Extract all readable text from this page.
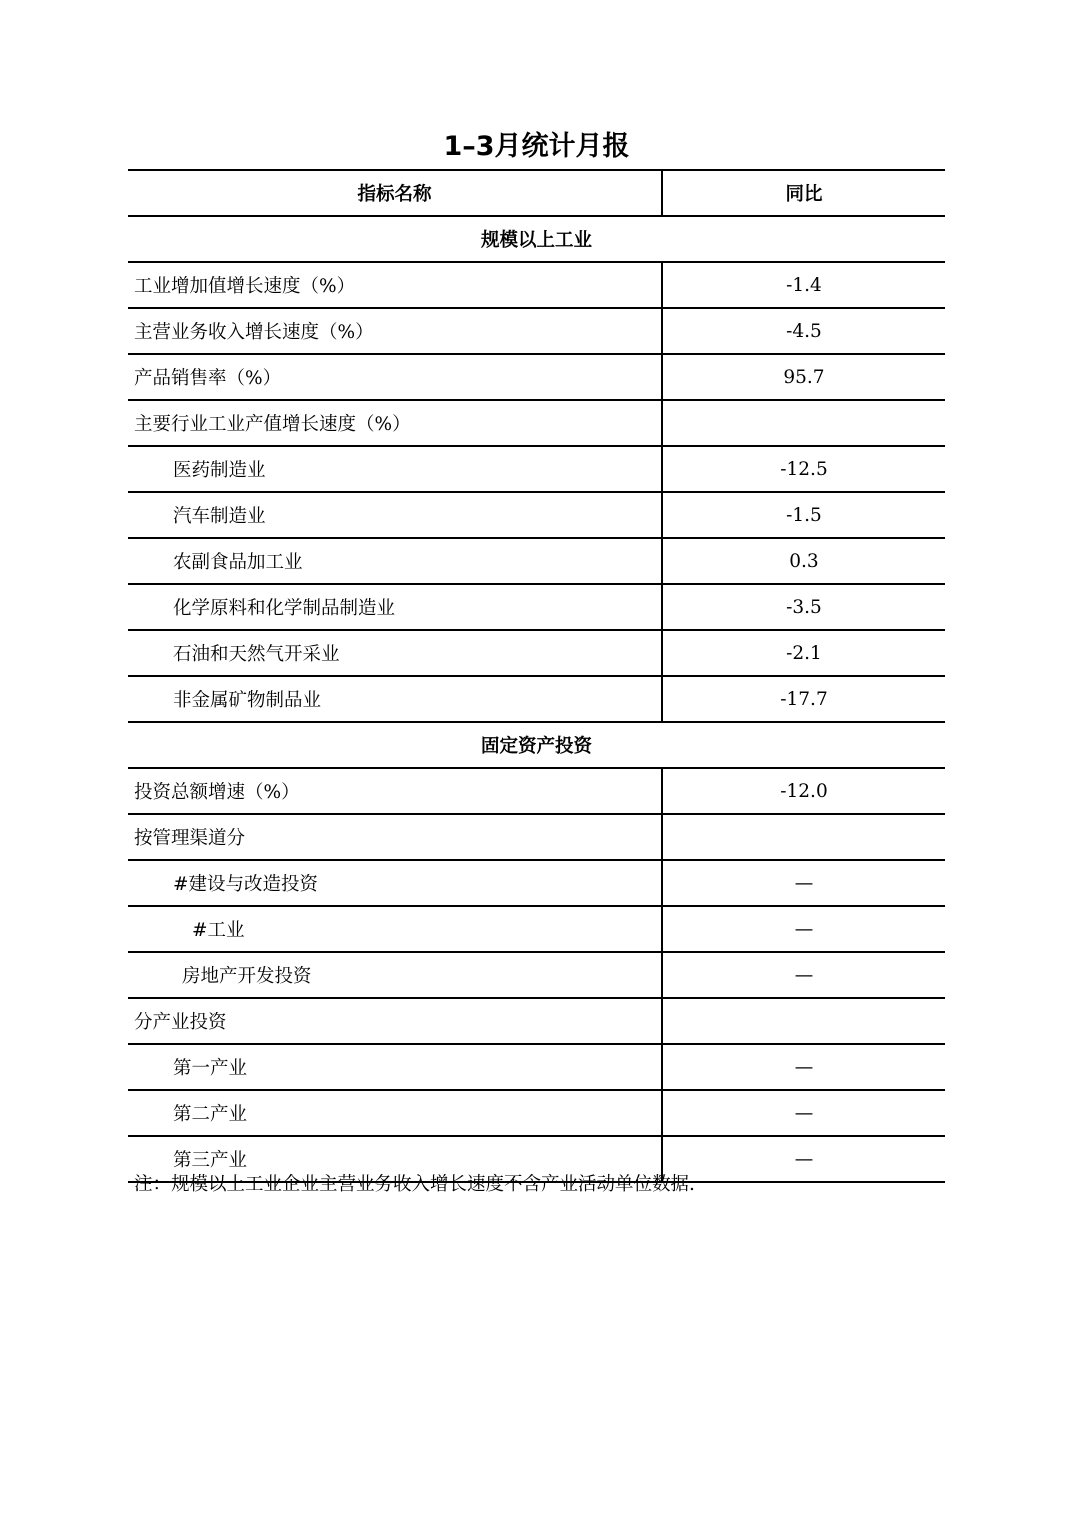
1–3月统计月报
指标名称	同比
规模以上工业
工业增加值增长速度（%）	-1.4
主营业务收入增长速度（%）	-4.5
产品销售率（%）	95.7
主要行业工业产值增长速度（%）
医药制造业	-12.5
汽车制造业	-1.5
农副食品加工业	0.3
化学原料和化学制品制造业	-3.5
石油和天然气开采业	-2.1
非金属矿物制品业	-17.7
固定资产投资
投资总额增速（%）	-12.0
按管理渠道分
#建设与改造投资	—
#工业	—
房地产开发投资	—
分产业投资
第一产业	—
第二产业	—
第三产业	—
注：规模以上工业企业主营业务收入增长速度不含产业活动单位数据.
